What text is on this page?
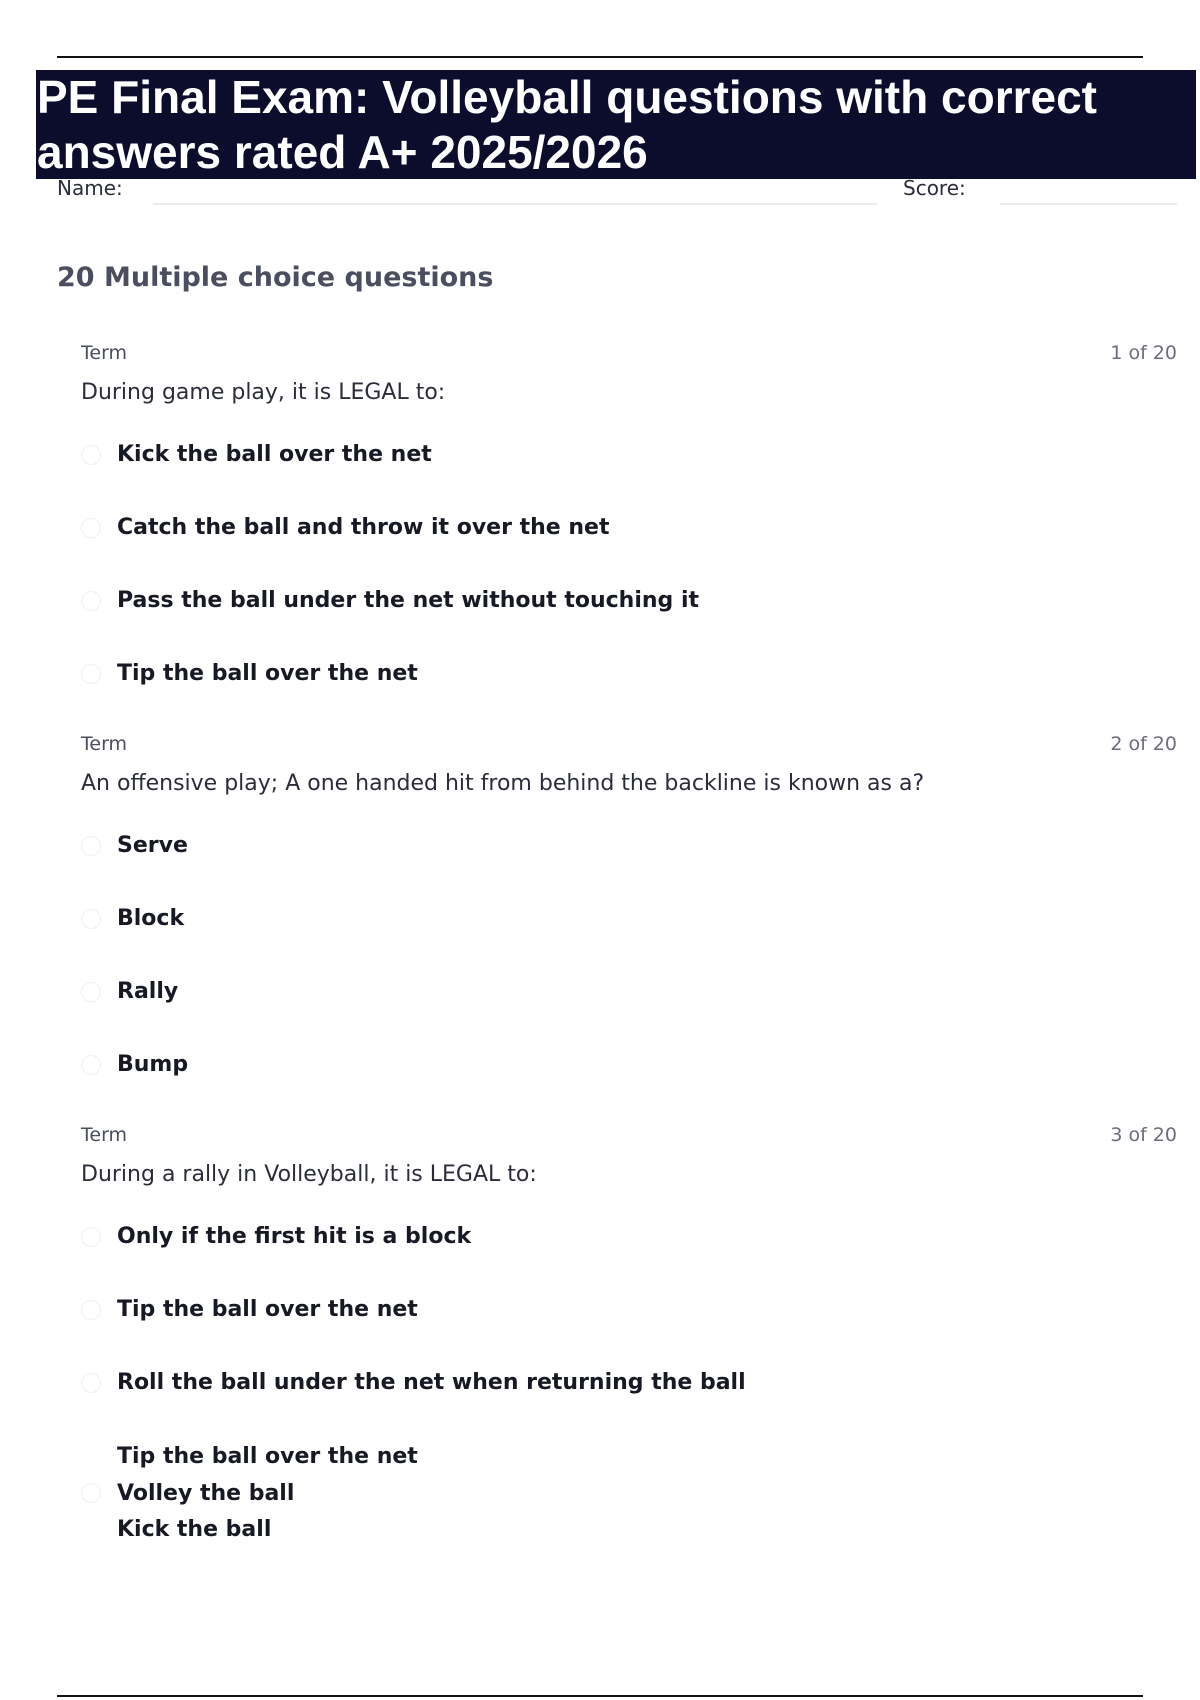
PE Final Exam: Volleyball questions with correct answers rated A+ 2025/2026
Name:	Score:
20 Multiple choice questions
Term	1 of 20
During game play, it is LEGAL to:
Kick the ball over the net
Catch the ball and throw it over the net
Pass the ball under the net without touching it
Tip the ball over the net
Term	2 of 20
An offensive play; A one handed hit from behind the backline is known as a?
Serve
Block
Rally
Bump
Term	3 of 20
During a rally in Volleyball, it is LEGAL to:
Only if the first hit is a block
Tip the ball over the net
Roll the ball under the net when returning the ball
Tip the ball over the net
Volley the ball
Kick the ball
